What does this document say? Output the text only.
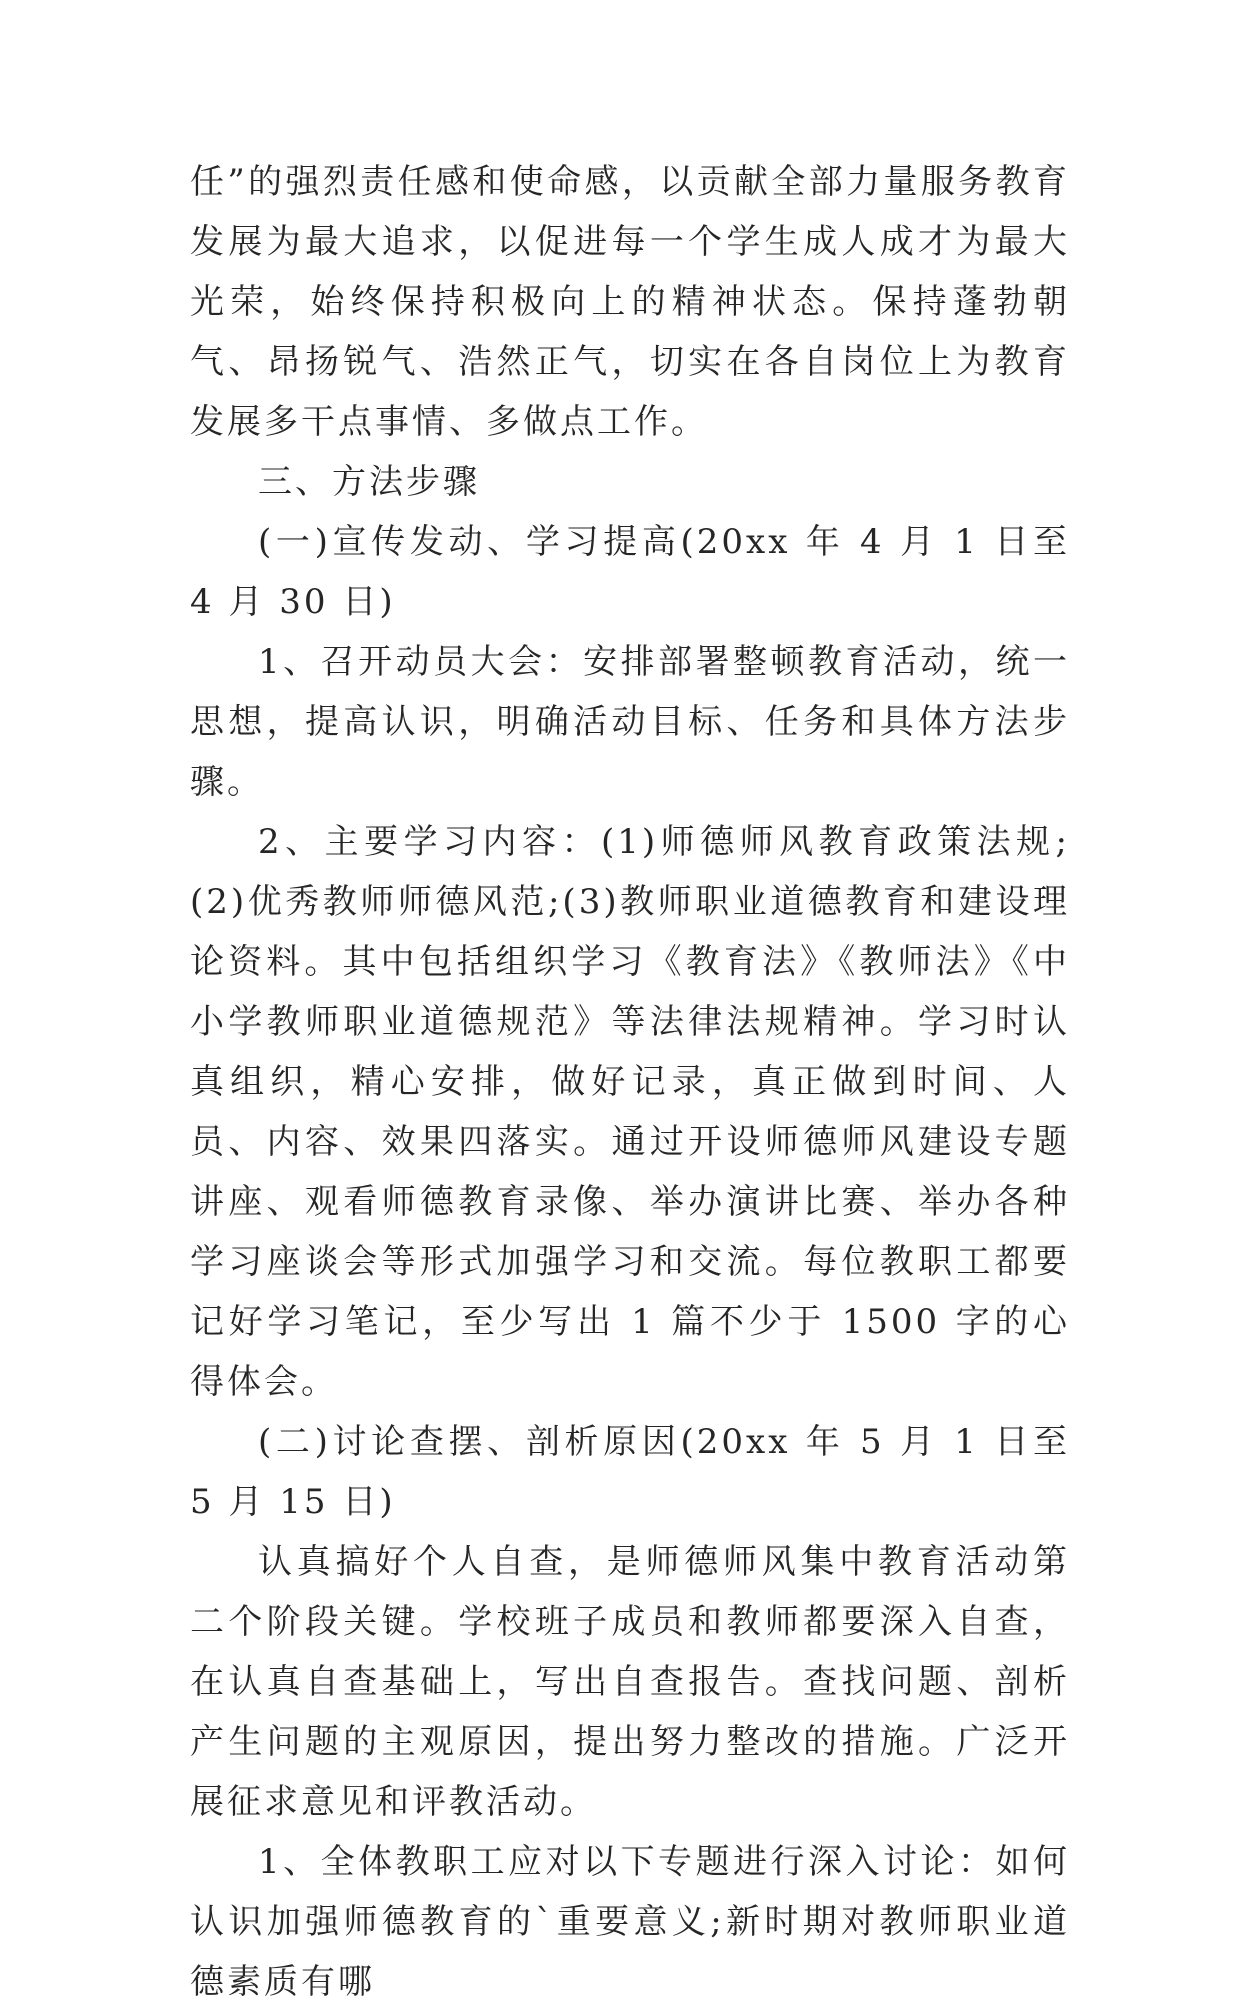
任”的强烈责任感和使命感，以贡献全部力量服务教育发展为最大追求，以促进每一个学生成人成才为最大光荣，始终保持积极向上的精神状态。保持蓬勃朝气、昂扬锐气、浩然正气，切实在各自岗位上为教育发展多干点事情、多做点工作。

三、方法步骤

(一)宣传发动、学习提高(20xx 年 4 月 1 日至 4 月 30 日)

1、召开动员大会：安排部署整顿教育活动，统一思想，提高认识，明确活动目标、任务和具体方法步骤。

2、主要学习内容：(1)师德师风教育政策法规;(2)优秀教师师德风范;(3)教师职业道德教育和建设理论资料。其中包括组织学习《教育法》《教师法》《中小学教师职业道德规范》等法律法规精神。学习时认真组织，精心安排，做好记录，真正做到时间、人员、内容、效果四落实。通过开设师德师风建设专题讲座、观看师德教育录像、举办演讲比赛、举办各种学习座谈会等形式加强学习和交流。每位教职工都要记好学习笔记，至少写出 1 篇不少于 1500 字的心得体会。

(二)讨论查摆、剖析原因(20xx 年 5 月 1 日至 5 月 15 日)

认真搞好个人自查，是师德师风集中教育活动第二个阶段关键。学校班子成员和教师都要深入自查，在认真自查基础上，写出自查报告。查找问题、剖析产生问题的主观原因，提出努力整改的措施。广泛开展征求意见和评教活动。

1、全体教职工应对以下专题进行深入讨论：如何认识加强师德教育的`重要意义;新时期对教师职业道德素质有哪
